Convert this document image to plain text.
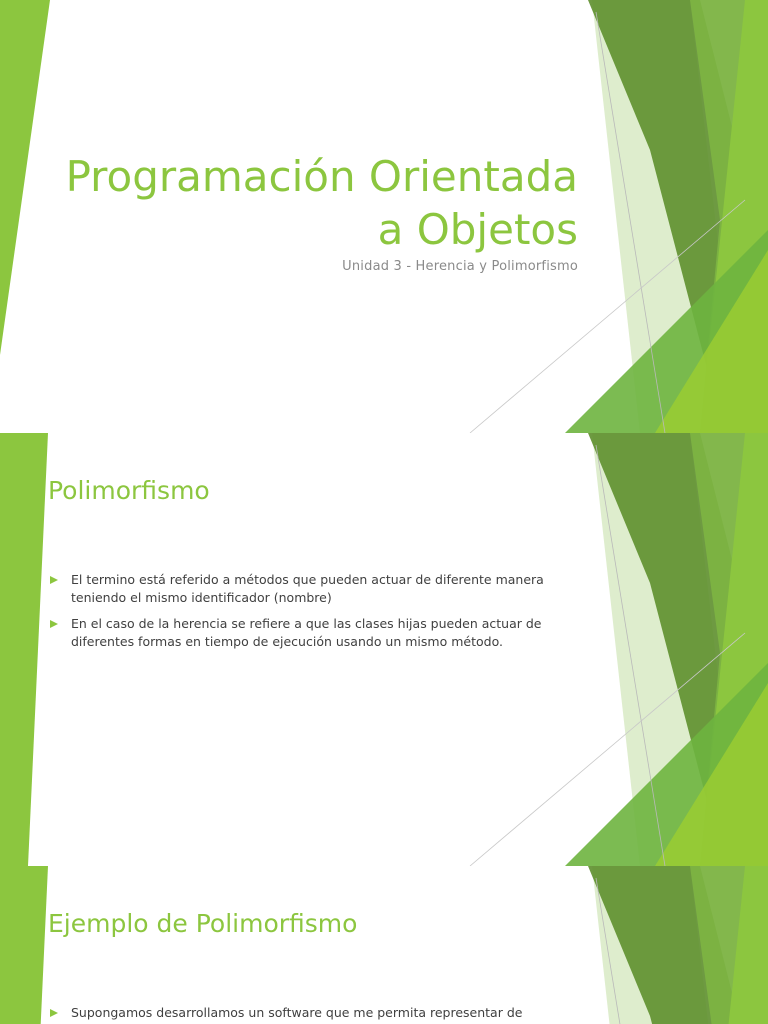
Programación Orientada
a Objetos
Unidad 3 - Herencia y Polimorfismo
Polimorfismo
El termino está referido a métodos que pueden actuar de diferente manera
teniendo el mismo identificador (nombre)
En el caso de la herencia se refiere a que las clases hijas pueden actuar de
diferentes formas en tiempo de ejecución usando un mismo método.
Ejemplo de Polimorfismo
Supongamos desarrollamos un software que me permita representar de
